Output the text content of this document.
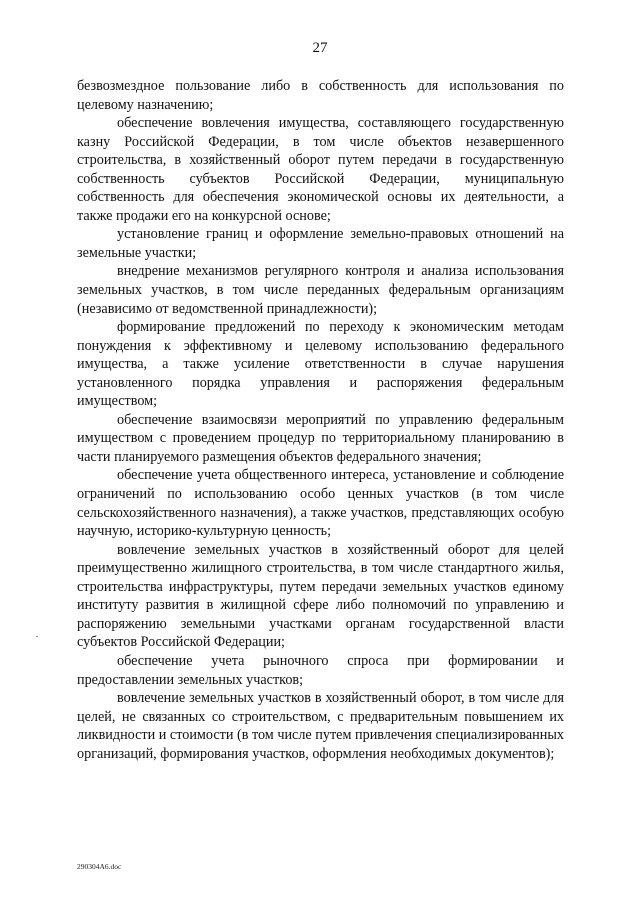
27

безвозмездное пользование либо в собственность для использования по целевому назначению;

обеспечение вовлечения имущества, составляющего государственную казну Российской Федерации, в том числе объектов незавершенного строительства, в хозяйственный оборот путем передачи в государственную собственность субъектов Российской Федерации, муниципальную собственность для обеспечения экономической основы их деятельности, а также продажи его на конкурсной основе;

установление границ и оформление земельно-правовых отношений на земельные участки;

внедрение механизмов регулярного контроля и анализа использования земельных участков, в том числе переданных федеральным организациям (независимо от ведомственной принадлежности);

формирование предложений по переходу к экономическим методам понуждения к эффективному и целевому использованию федерального имущества, а также усиление ответственности в случае нарушения установленного порядка управления и распоряжения федеральным имуществом;

обеспечение взаимосвязи мероприятий по управлению федеральным имуществом с проведением процедур по территориальному планированию в части планируемого размещения объектов федерального значения;

обеспечение учета общественного интереса, установление и соблюдение ограничений по использованию особо ценных участков (в том числе сельскохозяйственного назначения), а также участков, представляющих особую научную, историко-культурную ценность;

вовлечение земельных участков в хозяйственный оборот для целей преимущественно жилищного строительства, в том числе стандартного жилья, строительства инфраструктуры, путем передачи земельных участков единому институту развития в жилищной сфере либо полномочий по управлению и распоряжению земельными участками органам государственной власти субъектов Российской Федерации;

обеспечение учета рыночного спроса при формировании и предоставлении земельных участков;

вовлечение земельных участков в хозяйственный оборот, в том числе для целей, не связанных со строительством, с предварительным повышением их ликвидности и стоимости (в том числе путем привлечения специализированных организаций, формирования участков, оформления необходимых документов);

290304А6.doc
